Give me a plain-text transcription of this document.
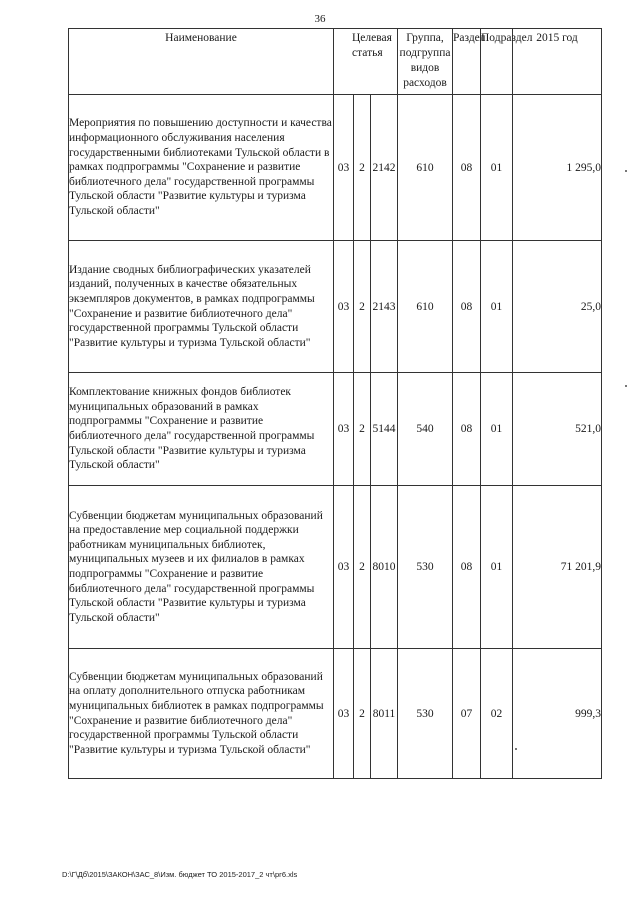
36
Наименование	Целевая статья			Группа, подгруппа видов расходов	Раздел	Подраздел	2015 год
Мероприятия по повышению доступности и качества информационного обслуживания населения государственными библиотеками Тульской области в рамках подпрограммы "Сохранение и развитие библиотечного дела" государственной программы Тульской области "Развитие культуры и туризма Тульской области"	03	2	2142	610	08	01	1 295,0
Издание сводных библиографических указателей изданий, полученных в качестве обязательных экземпляров документов, в рамках подпрограммы "Сохранение и развитие библиотечного дела" государственной программы Тульской области "Развитие культуры и туризма Тульской области"	03	2	2143	610	08	01	25,0
Комплектование книжных фондов библиотек муниципальных образований в рамках подпрограммы "Сохранение и развитие библиотечного дела" государственной программы Тульской области "Развитие культуры и туризма Тульской области"	03	2	5144	540	08	01	521,0
Субвенции бюджетам муниципальных образований на предоставление мер социальной поддержки работникам муниципальных библиотек, муниципальных музеев и их филиалов в рамках подпрограммы "Сохранение и развитие библиотечного дела" государственной программы Тульской области "Развитие культуры и туризма Тульской области"	03	2	8010	530	08	01	71 201,9
Субвенции бюджетам муниципальных образований на оплату дополнительного отпуска работникам муниципальных библиотек в рамках подпрограммы "Сохранение и развитие библиотечного дела" государственной программы Тульской области "Развитие культуры и туризма Тульской области"	03	2	8011	530	07	02	999,3
D:\Г\Дб\2015\ЗАКОН\ЗАС_8\Изм. бюджет ТО 2015-2017_2 чт\рг6.xls
